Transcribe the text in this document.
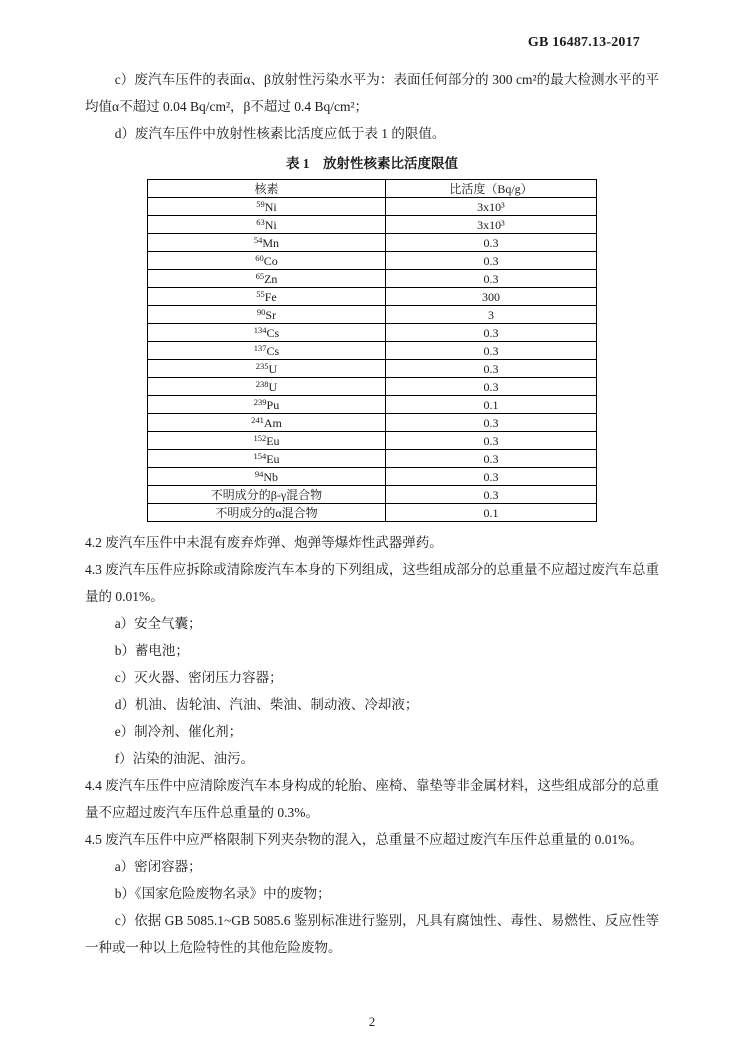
GB 16487.13-2017

c）废汽车压件的表面α、β放射性污染水平为：表面任何部分的 300 cm²的最大检测水平的平均值α不超过 0.04 Bq/cm²，β不超过 0.4 Bq/cm²；

d）废汽车压件中放射性核素比活度应低于表 1 的限值。

表 1　放射性核素比活度限值
核素	比活度（Bq/g）
$^{59}$Ni	3x10³
$^{63}$Ni	3x10³
$^{54}$Mn	0.3
$^{60}$Co	0.3
$^{65}$Zn	0.3
$^{55}$Fe	300
$^{90}$Sr	3
$^{134}$Cs	0.3
$^{137}$Cs	0.3
$^{235}$U	0.3
$^{238}$U	0.3
$^{239}$Pu	0.1
$^{241}$Am	0.3
$^{152}$Eu	0.3
$^{154}$Eu	0.3
$^{94}$Nb	0.3
不明成分的β-γ混合物	0.3
不明成分的α混合物	0.1

4.2 废汽车压件中未混有废弃炸弹、炮弹等爆炸性武器弹药。

4.3 废汽车压件应拆除或清除废汽车本身的下列组成，这些组成部分的总重量不应超过废汽车总重量的 0.01%。

a）安全气囊；

b）蓄电池；

c）灭火器、密闭压力容器；

d）机油、齿轮油、汽油、柴油、制动液、冷却液；

e）制冷剂、催化剂；

f）沾染的油泥、油污。

4.4 废汽车压件中应清除废汽车本身构成的轮胎、座椅、靠垫等非金属材料，这些组成部分的总重量不应超过废汽车压件总重量的 0.3%。

4.5 废汽车压件中应严格限制下列夹杂物的混入，总重量不应超过废汽车压件总重量的 0.01%。

a）密闭容器；

b）《国家危险废物名录》中的废物；

c）依据 GB 5085.1~GB 5085.6 鉴别标准进行鉴别，凡具有腐蚀性、毒性、易燃性、反应性等一种或一种以上危险特性的其他危险废物。

2
